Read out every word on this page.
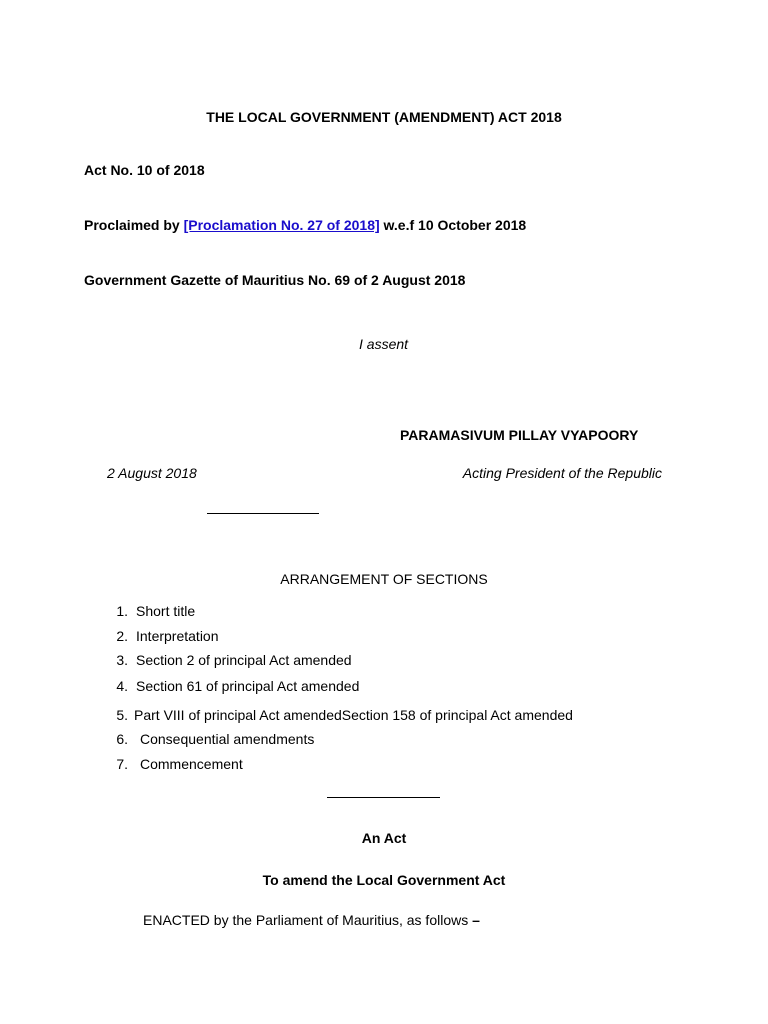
THE LOCAL GOVERNMENT (AMENDMENT) ACT 2018
Act No. 10 of 2018
Proclaimed by [Proclamation No. 27 of 2018] w.e.f 10 October 2018
Government Gazette of Mauritius No. 69 of 2 August 2018
I assent
PARAMASIVUM PILLAY VYAPOORY
2 August 2018	Acting President of the Republic
ARRANGEMENT OF SECTIONS
1. Short title
2. Interpretation
3. Section 2 of principal Act amended
4. Section 61 of principal Act amended
5. Part VIII of principal Act amendedSection 158 of principal Act amended
6. Consequential amendments
7. Commencement
An Act
To amend the Local Government Act
ENACTED by the Parliament of Mauritius, as follows –
